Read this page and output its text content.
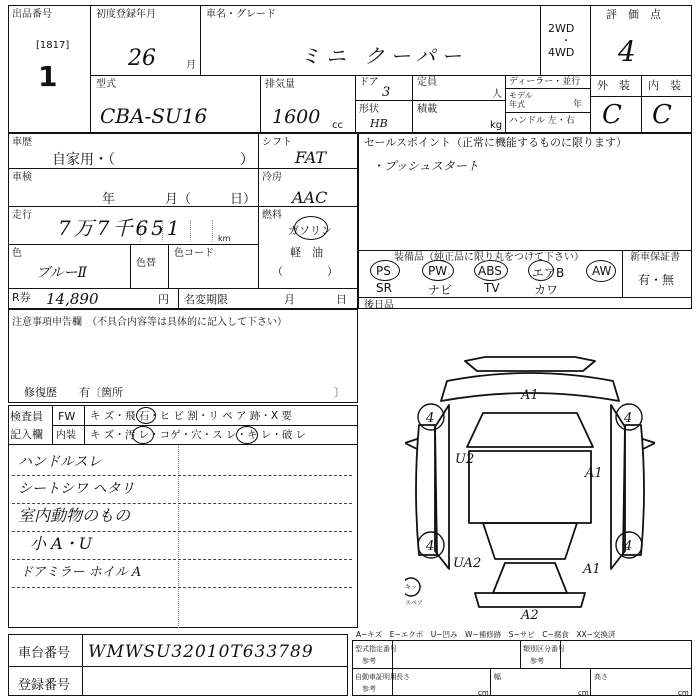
出品番号
[1817]
1
初度登録年月
26	月
車名・グレード
ミニ クーパー
2WD
・
4WD
評　価　点
4
型式
CBA-SU16
排気量
1600 cc
ドア
3
定員
人
形状
HB
積載
kg
ディーラー・並行
モデル
年式	年
ハンドル 左・右
外　装 内　装
C C
車歴
自家用・（	）
シフト
FAT
車検
年	月（	日）
冷房
AAC
走行
7万7千651	km
燃料
ガソリン
軽　油
（　　　　）
色
ブルーⅡ
色替
色コード
R券 14,890	円 名変期限	月	日
セールスポイント（正常に機能するものに限ります）
・プッシュスタート
装備品（純正品に限り丸をつけて下さい）	新車保証書
有・無
PS	PW	ABS	エアB AW
SR	ナビ	TV	カワ
後日品
注意事項申告欄　（不具合内容等は具体的に記入して下さい）
修復歴　　有〔箇所	〕
検査員
記入欄
FW キ ズ・飛 石・ヒ ビ 割・リ ペ ア 跡・X 要
内装 キ ズ・汚 レ・コゲ・穴・ス レ・キ レ・破 レ
ハンドルスレ
シートシワ ヘタリ
室内動物のもの
小 A・U
ドアミラー ホイル A
A1
4	4
U2
A1
4	4
UA2	A1
A2
キット
スペア
A−キズ　E−エクボ　U−凹み　W−補修跡　S−サビ　C−腐食　XX−交換済
車台番号 WMWSU32010T633789
登録番号
型式指定番号
参考
類別区分番号
参考
自動車証明用
参考
長さ
cm
幅
cm
高さ
cm
